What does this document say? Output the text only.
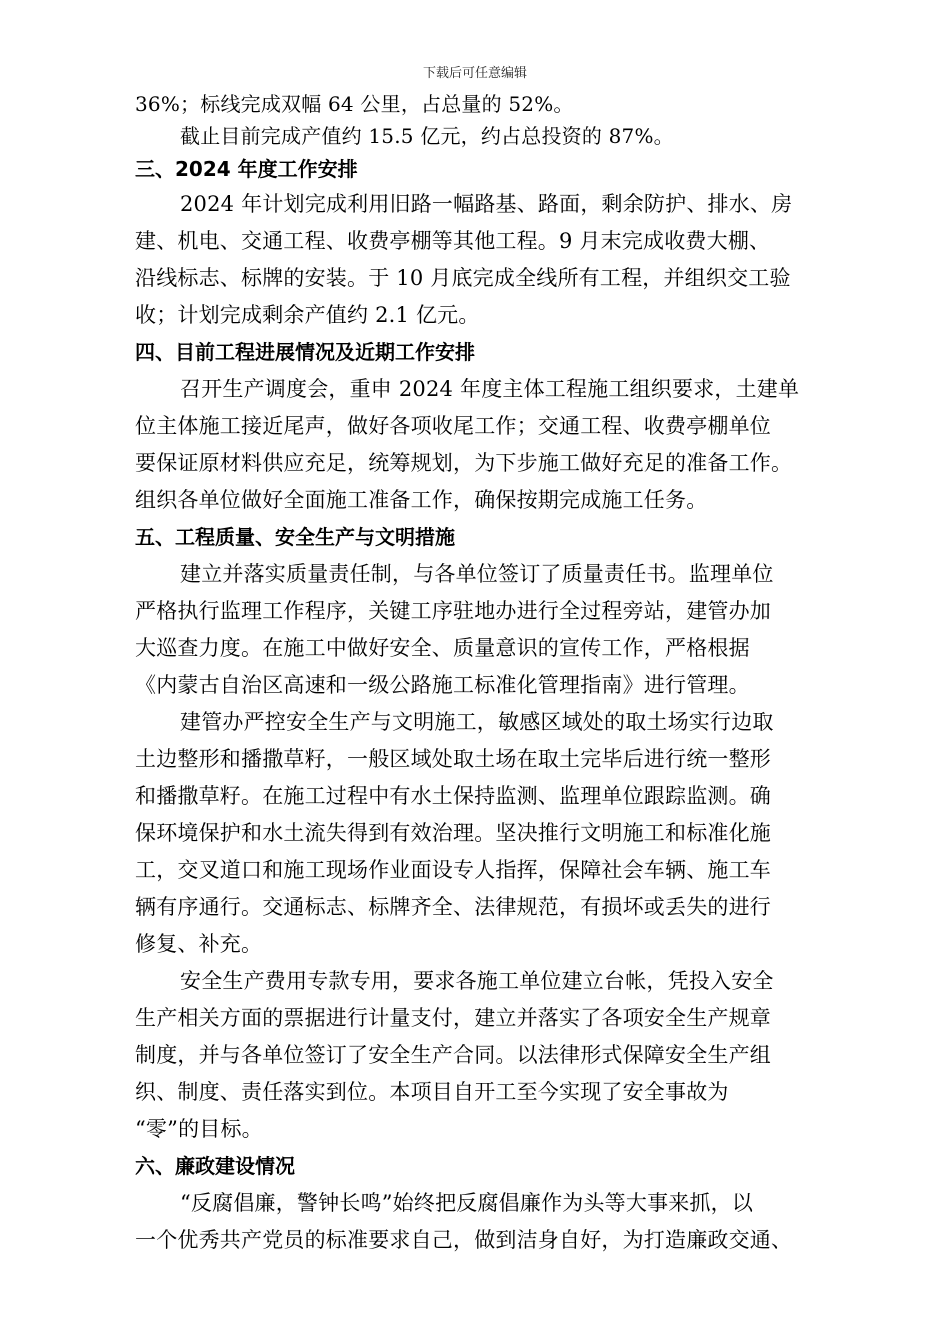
下载后可任意编辑
36%；标线完成双幅 64 公里，占总量的 52%。
截止目前完成产值约 15.5 亿元，约占总投资的 87%。
三、2024 年度工作安排
2024 年计划完成利用旧路一幅路基、路面，剩余防护、排水、房
建、机电、交通工程、收费亭棚等其他工程。9 月末完成收费大棚、
沿线标志、标牌的安装。于 10 月底完成全线所有工程，并组织交工验
收；计划完成剩余产值约 2.1 亿元。
四、目前工程进展情况及近期工作安排
召开生产调度会，重申 2024 年度主体工程施工组织要求，土建单
位主体施工接近尾声，做好各项收尾工作；交通工程、收费亭棚单位
要保证原材料供应充足，统筹规划，为下步施工做好充足的准备工作。
组织各单位做好全面施工准备工作，确保按期完成施工任务。
五、工程质量、安全生产与文明措施
建立并落实质量责任制，与各单位签订了质量责任书。监理单位
严格执行监理工作程序，关键工序驻地办进行全过程旁站，建管办加
大巡查力度。在施工中做好安全、质量意识的宣传工作，严格根据
《内蒙古自治区高速和一级公路施工标准化管理指南》进行管理。
建管办严控安全生产与文明施工，敏感区域处的取土场实行边取
土边整形和播撒草籽，一般区域处取土场在取土完毕后进行统一整形
和播撒草籽。在施工过程中有水土保持监测、监理单位跟踪监测。确
保环境保护和水土流失得到有效治理。坚决推行文明施工和标准化施
工，交叉道口和施工现场作业面设专人指挥，保障社会车辆、施工车
辆有序通行。交通标志、标牌齐全、法律规范，有损坏或丢失的进行
修复、补充。
安全生产费用专款专用，要求各施工单位建立台帐，凭投入安全
生产相关方面的票据进行计量支付，建立并落实了各项安全生产规章
制度，并与各单位签订了安全生产合同。以法律形式保障安全生产组
织、制度、责任落实到位。本项目自开工至今实现了安全事故为
“零”的目标。
六、廉政建设情况
“反腐倡廉，警钟长鸣”始终把反腐倡廉作为头等大事来抓，以
一个优秀共产党员的标准要求自己，做到洁身自好，为打造廉政交通、
